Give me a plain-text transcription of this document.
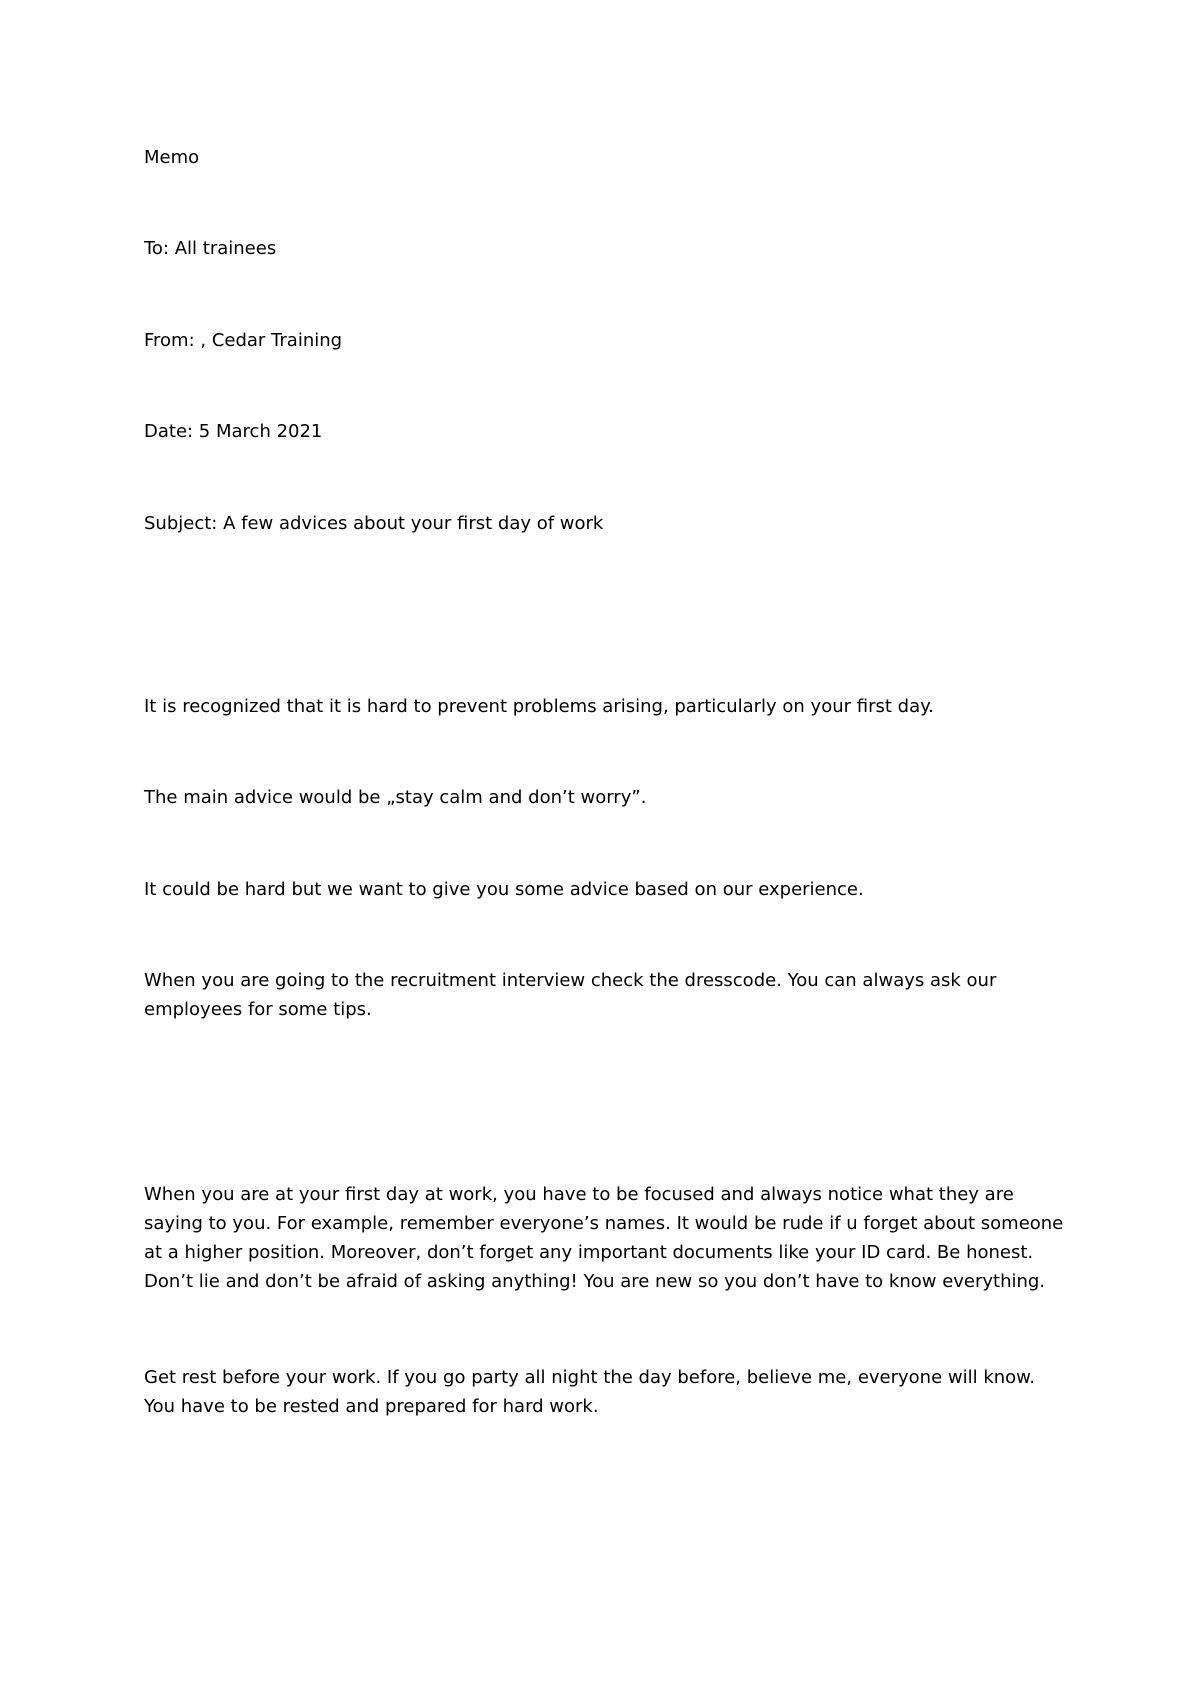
Memo

To: All trainees

From: , Cedar Training

Date: 5 March 2021

Subject: A few advices about your first day of work

It is recognized that it is hard to prevent problems arising, particularly on your first day.

The main advice would be „stay calm and don’t worry”.

It could be hard but we want to give you some advice based on our experience.

When you are going to the recruitment interview check the dresscode. You can always ask our
employees for some tips.
When you are at your first day at work, you have to be focused and always notice what they are
saying to you. For example, remember everyone’s names. It would be rude if u forget about someone
at a higher position. Moreover, don’t forget any important documents like your ID card. Be honest.
Don’t lie and don’t be afraid of asking anything! You are new so you don’t have to know everything.
Get rest before your work. If you go party all night the day before, believe me, everyone will know.
You have to be rested and prepared for hard work.
